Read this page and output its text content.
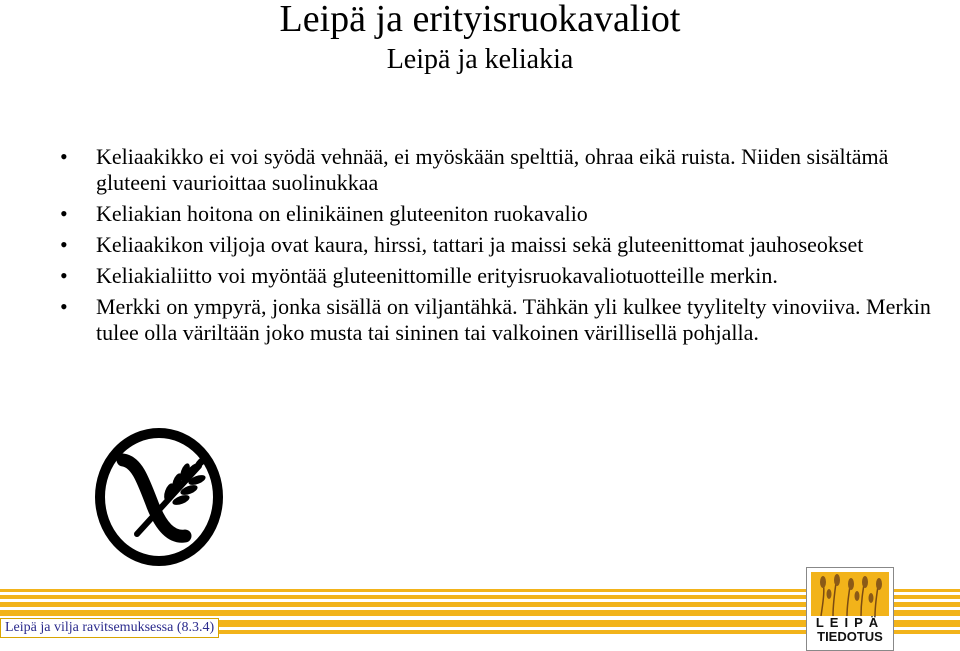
Leipä ja erityisruokavaliot
Leipä ja keliakia
• Keliaakikko ei voi syödä vehnää, ei myöskään spelttiä, ohraa eikä ruista. Niiden sisältämä gluteeni vaurioittaa suolinukkaa
• Keliakian hoitona on elinikäinen gluteeniton ruokavalio
• Keliaakikon viljoja ovat kaura, hirssi, tattari ja maissi sekä gluteenittomat jauhoseokset
• Keliakialiitto voi myöntää gluteenittomille erityisruokavaliotuotteille merkin.
• Merkki on ympyrä, jonka sisällä on viljantähkä. Tähkän yli kulkee tyylitelty vinoviiva. Merkin tulee olla väriltään joko musta tai sininen tai valkoinen värillisellä pohjalla.
Leipä ja vilja ravitsemuksessa (8.3.4)	LEIPÄ
TIEDOTUS
